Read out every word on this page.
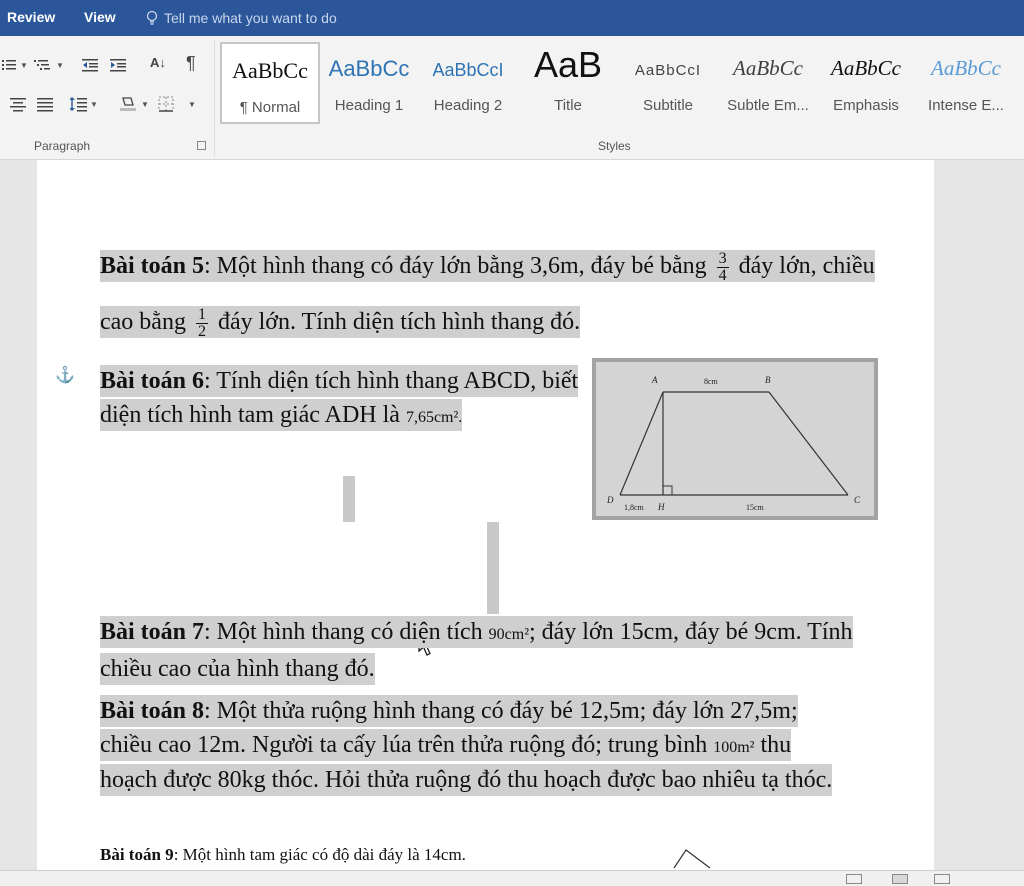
Review View	Tell me what you want to do
▼	▼	A↓ ¶
▼	▼	▼
Paragraph
AaBbCc
¶ Normal
AaBbCc
Heading 1
AaBbCcI
Heading 2
AaB
Title
AaBbCcI
Subtitle
AaBbCc
Subtle Em...
AaBbCc
Emphasis
AaBbCc
Intense E...
Styles
⚓
Bài toán 5: Một hình thang có đáy lớn bằng 3,6m, đáy bé bằng $\frac{3}{4}$ đáy lớn, chiều cao bằng $\frac{1}{2}$ đáy lớn. Tính diện tích hình thang đó.
Bài toán 6: Tính diện tích hình thang ABCD, biết diện tích hình tam giác ADH là 7,65cm².
A	B
C
D
H
8cm
1,8cm	15cm
Bài toán 7: Một hình thang có diện tích 90cm²; đáy lớn 15cm, đáy bé 9cm. Tính chiều cao của hình thang đó.
Bài toán 8: Một thửa ruộng hình thang có đáy bé 12,5m; đáy lớn 27,5m; chiều cao 12m. Người ta cấy lúa trên thửa ruộng đó; trung bình 100m² thu hoạch được 80kg thóc. Hỏi thửa ruộng đó thu hoạch được bao nhiêu tạ thóc.
Bài toán 9: Một hình tam giác có độ dài đáy là 14cm.
